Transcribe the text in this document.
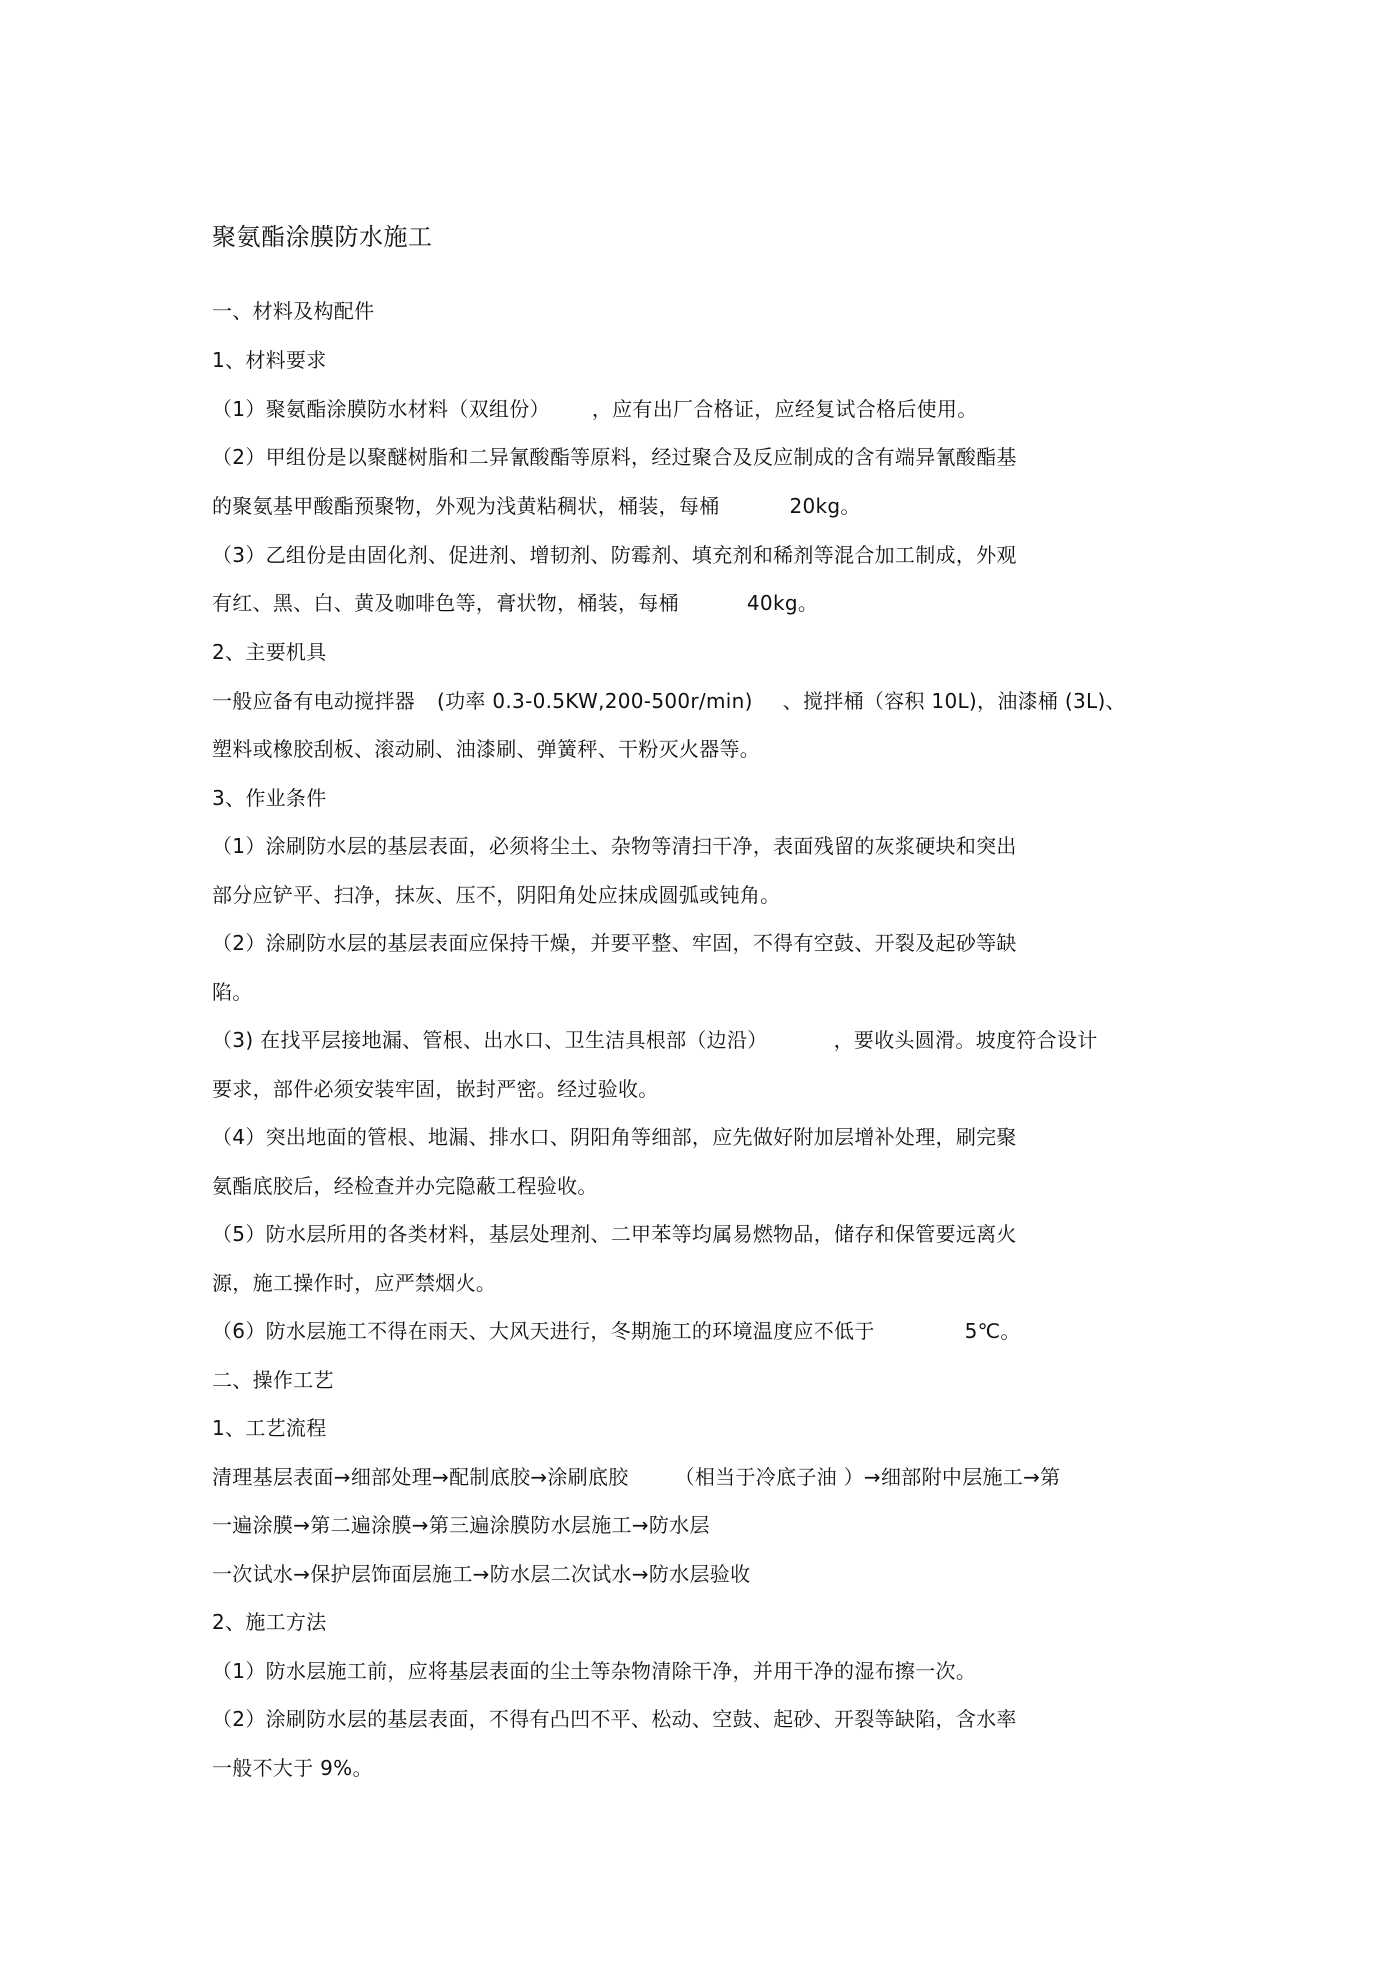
聚氨酯涂膜防水施工
一、材料及构配件
1、材料要求
（1）聚氨酯涂膜防水材料（双组份） ，应有出厂合格证，应经复试合格后使用。
（2）甲组份是以聚醚树脂和二异氰酸酯等原料，经过聚合及反应制成的含有端异氰酸酯基
的聚氨基甲酸酯预聚物，外观为浅黄粘稠状，桶装，每桶	20kg。
（3）乙组份是由固化剂、促进剂、增韧剂、防霉剂、填充剂和稀剂等混合加工制成，外观
有红、黑、白、黄及咖啡色等，膏状物，桶装，每桶	40kg。
2、主要机具
一般应备有电动搅拌器 (功率 0.3-0.5KW,200-500r/min) 、搅拌桶（容积 10L)，油漆桶 (3L)、
塑料或橡胶刮板、滚动刷、油漆刷、弹簧秤、干粉灭火器等。
3、作业条件
（1）涂刷防水层的基层表面，必须将尘土、杂物等清扫干净，表面残留的灰浆硬块和突出
部分应铲平、扫净，抹灰、压不，阴阳角处应抹成圆弧或钝角。
（2）涂刷防水层的基层表面应保持干燥，并要平整、牢固，不得有空鼓、开裂及起砂等缺
陷。
（3) 在找平层接地漏、管根、出水口、卫生洁具根部（边沿）	，要收头圆滑。坡度符合设计
要求，部件必须安装牢固，嵌封严密。经过验收。
（4）突出地面的管根、地漏、排水口、阴阳角等细部，应先做好附加层增补处理，刷完聚
氨酯底胶后，经检查并办完隐蔽工程验收。
（5）防水层所用的各类材料，基层处理剂、二甲苯等均属易燃物品，储存和保管要远离火
源，施工操作时，应严禁烟火。
（6）防水层施工不得在雨天、大风天进行，冬期施工的环境温度应不低于	5℃。
二、操作工艺
1、工艺流程
清理基层表面→细部处理→配制底胶→涂刷底胶 （相当于冷底子油 ）→细部附中层施工→第
一遍涂膜→第二遍涂膜→第三遍涂膜防水层施工→防水层
一次试水→保护层饰面层施工→防水层二次试水→防水层验收
2、施工方法
（1）防水层施工前，应将基层表面的尘土等杂物清除干净，并用干净的湿布擦一次。
（2）涂刷防水层的基层表面，不得有凸凹不平、松动、空鼓、起砂、开裂等缺陷，含水率
一般不大于 9%。
